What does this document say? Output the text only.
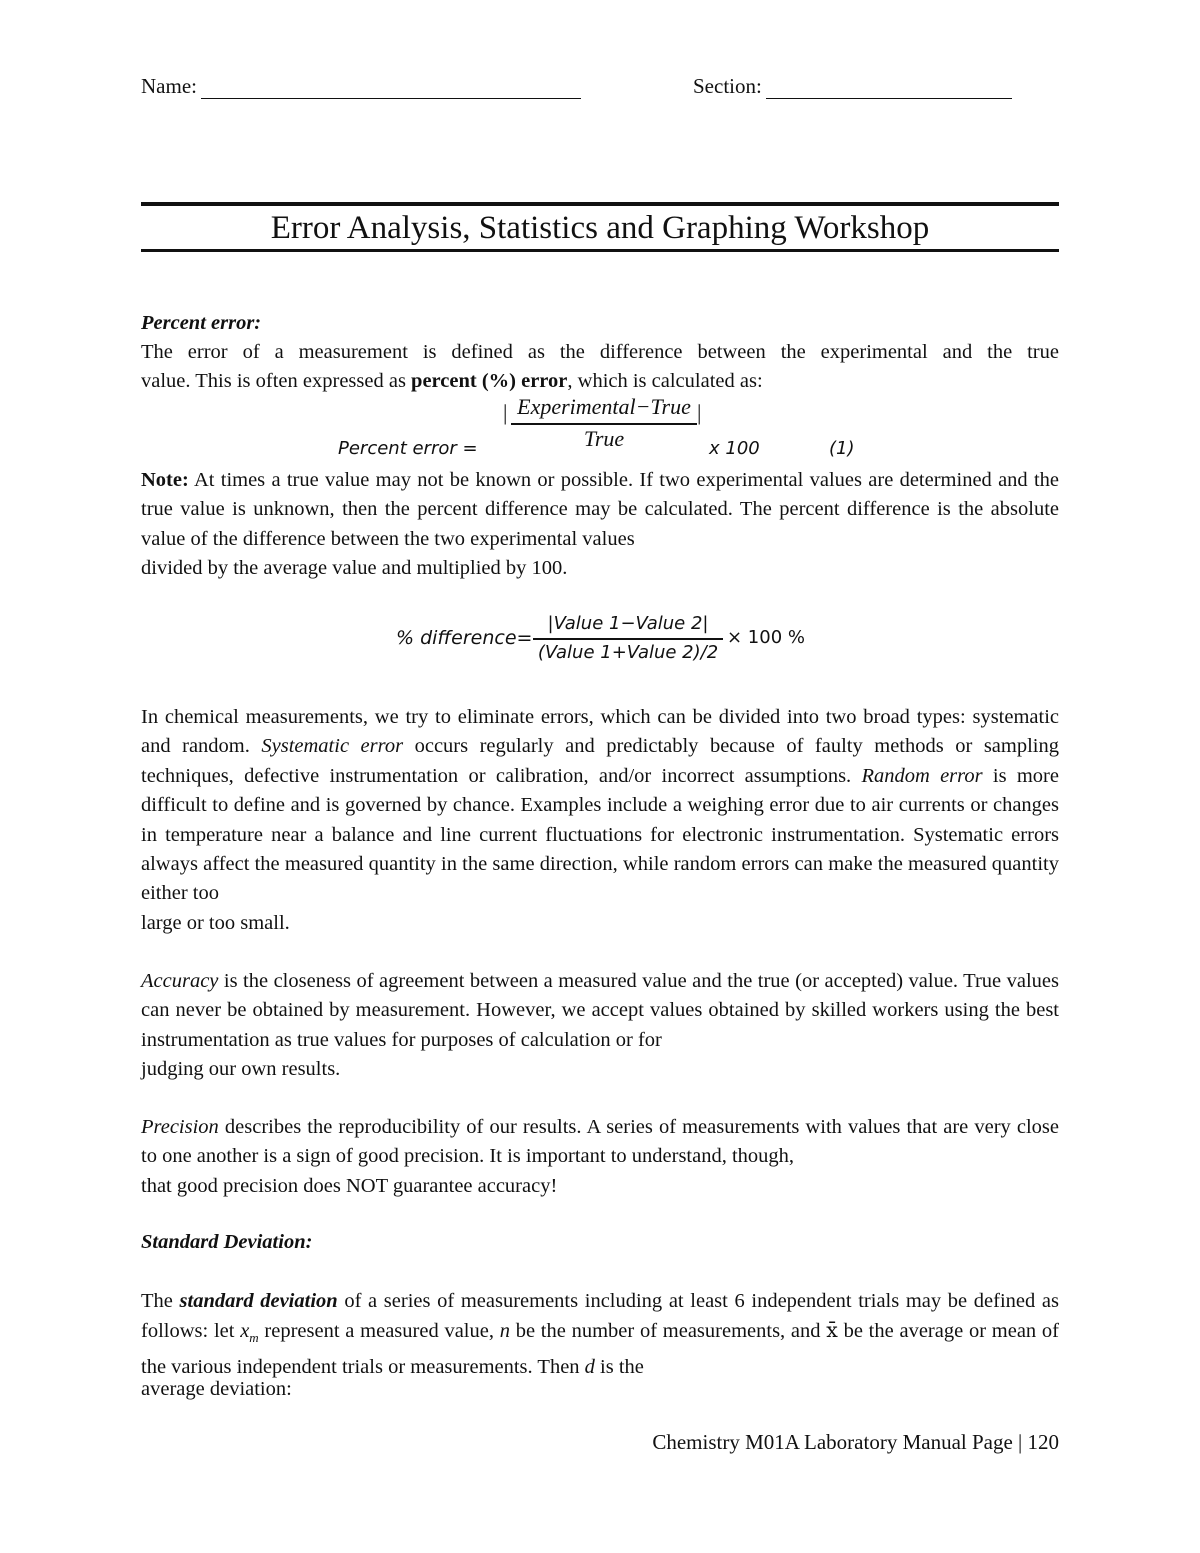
Name:	Section:
Error Analysis, Statistics and Graphing Workshop
Percent error:
The error of a measurement is defined as the difference between the experimental and the true
value. This is often expressed as percent (%) error, which is calculated as:
Percent error =
| Experimental−True |
True	x 100	(1)
Note: At times a true value may not be known or possible. If two experimental values are determined and the true value is unknown, then the percent difference may be calculated. The percent difference is the absolute value of the difference between the two experimental values
divided by the average value and multiplied by 100.
% difference=
|Value 1−Value 2|
(Value 1+Value 2)/2
× 100 %
In chemical measurements, we try to eliminate errors, which can be divided into two broad types: systematic and random. Systematic error occurs regularly and predictably because of faulty methods or sampling techniques, defective instrumentation or calibration, and/or incorrect assumptions. Random error is more difficult to define and is governed by chance. Examples include a weighing error due to air currents or changes in temperature near a balance and line current fluctuations for electronic instrumentation. Systematic errors always affect the measured quantity in the same direction, while random errors can make the measured quantity either too
large or too small.
Accuracy is the closeness of agreement between a measured value and the true (or accepted) value. True values can never be obtained by measurement. However, we accept values obtained by skilled workers using the best instrumentation as true values for purposes of calculation or for
judging our own results.
Precision describes the reproducibility of our results. A series of measurements with values that are very close to one another is a sign of good precision. It is important to understand, though,
that good precision does NOT guarantee accuracy!
Standard Deviation:
The standard deviation of a series of measurements including at least 6 independent trials may be defined as follows: let $x_m$ represent a measured value, n be the number of measurements, and x̄ be the average or mean of the various independent trials or measurements. Then d is the
average deviation:
Chemistry M01A Laboratory Manual Page | 120
